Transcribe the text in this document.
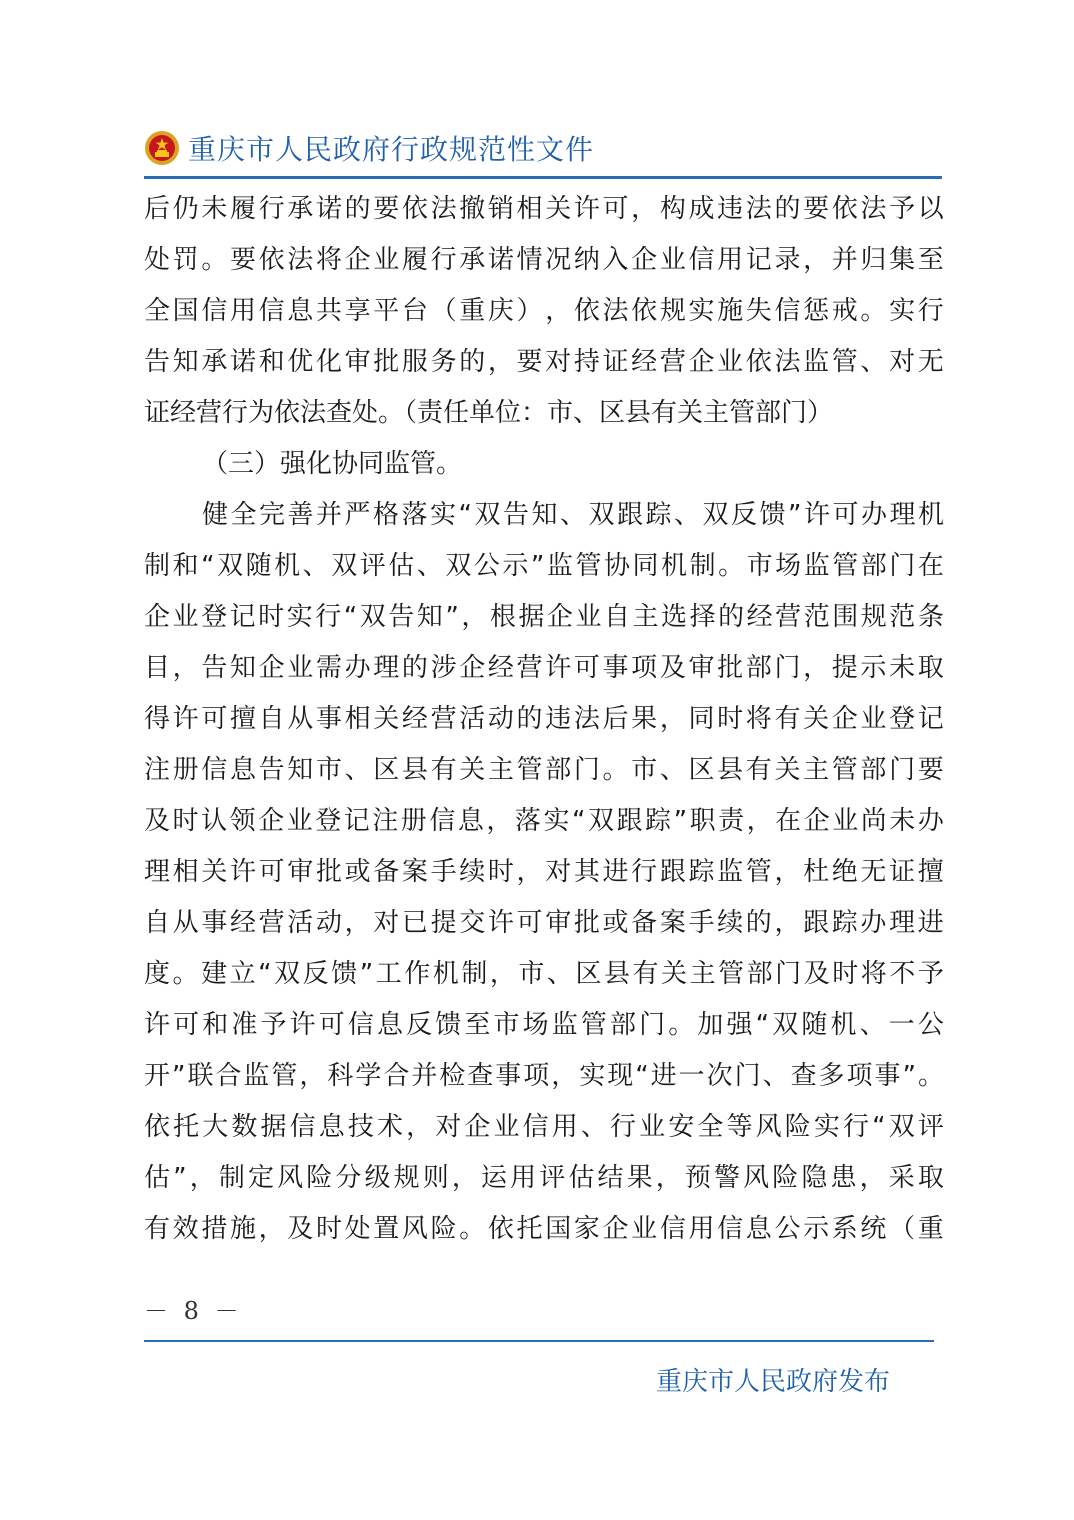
重庆市人民政府行政规范性文件
后 仍 未 履 行 承 诺 的 要 依 法 撤 销 相 关 许 可 ， 构 成 违 法 的 要 依 法 予 以
处 罚 。 要 依 法 将 企 业 履 行 承 诺 情 况 纳 入 企 业 信 用 记 录 ， 并 归 集 至
全 国 信 用 信 息 共 享 平 台 （ 重 庆 ） ， 依 法 依 规 实 施 失 信 惩 戒 。 实 行
告 知 承 诺 和 优 化 审 批 服 务 的 ， 要 对 持 证 经 营 企 业 依 法 监 管 、 对 无
证经营行为依法查处。（责任单位：市、区县有关主管部门）
（三）强化协同监管。
健 全 完 善 并 严 格 落 实 “ 双 告 知 、 双 跟 踪 、 双 反 馈 ” 许 可 办 理 机
制 和 “ 双 随 机 、 双 评 估 、 双 公 示 ” 监 管 协 同 机 制 。 市 场 监 管 部 门 在
企 业 登 记 时 实 行 “ 双 告 知 ” ， 根 据 企 业 自 主 选 择 的 经 营 范 围 规 范 条
目 ， 告 知 企 业 需 办 理 的 涉 企 经 营 许 可 事 项 及 审 批 部 门 ， 提 示 未 取
得 许 可 擅 自 从 事 相 关 经 营 活 动 的 违 法 后 果 ， 同 时 将 有 关 企 业 登 记
注 册 信 息 告 知 市 、 区 县 有 关 主 管 部 门 。 市 、 区 县 有 关 主 管 部 门 要
及 时 认 领 企 业 登 记 注 册 信 息 ， 落 实 “ 双 跟 踪 ” 职 责 ， 在 企 业 尚 未 办
理 相 关 许 可 审 批 或 备 案 手 续 时 ， 对 其 进 行 跟 踪 监 管 ， 杜 绝 无 证 擅
自 从 事 经 营 活 动 ， 对 已 提 交 许 可 审 批 或 备 案 手 续 的 ， 跟 踪 办 理 进
度 。 建 立 “ 双 反 馈 ” 工 作 机 制 ， 市 、 区 县 有 关 主 管 部 门 及 时 将 不 予
许 可 和 准 予 许 可 信 息 反 馈 至 市 场 监 管 部 门 。 加 强 “ 双 随 机 、 一 公
开 ” 联 合 监 管 ， 科 学 合 并 检 查 事 项 ， 实 现 “ 进 一 次 门 、 查 多 项 事 ” 。
依 托 大 数 据 信 息 技 术 ， 对 企 业 信 用 、 行 业 安 全 等 风 险 实 行 “ 双 评
估 ” ， 制 定 风 险 分 级 规 则 ， 运 用 评 估 结 果 ， 预 警 风 险 隐 患 ， 采 取
有 效 措 施 ， 及 时 处 置 风 险 。 依 托 国 家 企 业 信 用 信 息 公 示 系 统 （ 重
－ 8 －
重庆市人民政府发布
